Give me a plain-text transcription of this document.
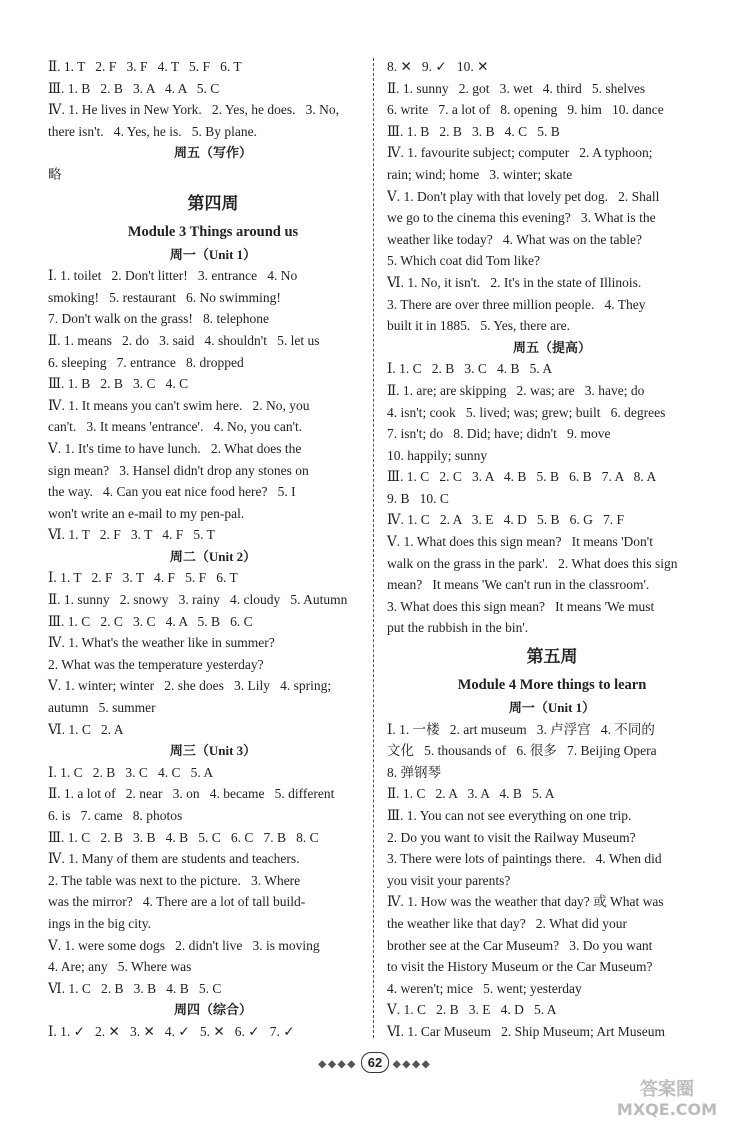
Ⅱ. 1. T   2. F   3. F   4. T   5. F   6. T
Ⅲ. 1. B   2. B   3. A   4. A   5. C
Ⅳ. 1. He lives in New York.   2. Yes, he does.   3. No,
there isn't.   4. Yes, he is.   5. By plane.
周五（写作）
略
第四周
Module 3 Things around us
周一（Unit 1）
Ⅰ. 1. toilet   2. Don't litter!   3. entrance   4. No
smoking!   5. restaurant   6. No swimming!
7. Don't walk on the grass!   8. telephone
Ⅱ. 1. means   2. do   3. said   4. shouldn't   5. let us
6. sleeping   7. entrance   8. dropped
Ⅲ. 1. B   2. B   3. C   4. C
Ⅳ. 1. It means you can't swim here.   2. No, you
can't.   3. It means 'entrance'.   4. No, you can't.
Ⅴ. 1. It's time to have lunch.   2. What does the
sign mean?   3. Hansel didn't drop any stones on
the way.   4. Can you eat nice food here?   5. I
won't write an e-mail to my pen-pal.
Ⅵ. 1. T   2. F   3. T   4. F   5. T
周二（Unit 2）
Ⅰ. 1. T   2. F   3. T   4. F   5. F   6. T
Ⅱ. 1. sunny   2. snowy   3. rainy   4. cloudy   5. Autumn
Ⅲ. 1. C   2. C   3. C   4. A   5. B   6. C
Ⅳ. 1. What's the weather like in summer?
2. What was the temperature yesterday?
Ⅴ. 1. winter; winter   2. she does   3. Lily   4. spring;
autumn   5. summer
Ⅵ. 1. C   2. A
周三（Unit 3）
Ⅰ. 1. C   2. B   3. C   4. C   5. A
Ⅱ. 1. a lot of   2. near   3. on   4. became   5. different
6. is   7. came   8. photos
Ⅲ. 1. C   2. B   3. B   4. B   5. C   6. C   7. B   8. C
Ⅳ. 1. Many of them are students and teachers.
2. The table was next to the picture.   3. Where
was the mirror?   4. There are a lot of tall build-
ings in the big city.
Ⅴ. 1. were some dogs   2. didn't live   3. is moving
4. Are; any   5. Where was
Ⅵ. 1. C   2. B   3. B   4. B   5. C
周四（综合）
Ⅰ. 1. ✓   2. ✕   3. ✕   4. ✓   5. ✕   6. ✓   7. ✓
8. ✕   9. ✓   10. ✕
Ⅱ. 1. sunny   2. got   3. wet   4. third   5. shelves
6. write   7. a lot of   8. opening   9. him   10. dance
Ⅲ. 1. B   2. B   3. B   4. C   5. B
Ⅳ. 1. favourite subject; computer   2. A typhoon;
rain; wind; home   3. winter; skate
Ⅴ. 1. Don't play with that lovely pet dog.   2. Shall
we go to the cinema this evening?   3. What is the
weather like today?   4. What was on the table?
5. Which coat did Tom like?
Ⅵ. 1. No, it isn't.   2. It's in the state of Illinois.
3. There are over three million people.   4. They
built it in 1885.   5. Yes, there are.
周五（提高）
Ⅰ. 1. C   2. B   3. C   4. B   5. A
Ⅱ. 1. are; are skipping   2. was; are   3. have; do
4. isn't; cook   5. lived; was; grew; built   6. degrees
7. isn't; do   8. Did; have; didn't   9. move
10. happily; sunny
Ⅲ. 1. C   2. C   3. A   4. B   5. B   6. B   7. A   8. A
9. B   10. C
Ⅳ. 1. C   2. A   3. E   4. D   5. B   6. G   7. F
Ⅴ. 1. What does this sign mean?   It means 'Don't
walk on the grass in the park'.   2. What does this sign
mean?   It means 'We can't run in the classroom'.
3. What does this sign mean?   It means 'We must
put the rubbish in the bin'.
第五周
Module 4 More things to learn
周一（Unit 1）
Ⅰ. 1. 一楼   2. art museum   3. 卢浮宫   4. 不同的
文化   5. thousands of   6. 很多   7. Beijing Opera
8. 弹钢琴
Ⅱ. 1. C   2. A   3. A   4. B   5. A
Ⅲ. 1. You can not see everything on one trip.
2. Do you want to visit the Railway Museum?
3. There were lots of paintings there.   4. When did
you visit your parents?
Ⅳ. 1. How was the weather that day? 或 What was
the weather like that day?   2. What did your
brother see at the Car Museum?   3. Do you want
to visit the History Museum or the Car Museum?
4. weren't; mice   5. went; yesterday
Ⅴ. 1. C   2. B   3. E   4. D   5. A
Ⅵ. 1. Car Museum   2. Ship Museum; Art Museum
◆◆◆◆ 62 ◆◆◆◆
答案圈
MXQE.COM
